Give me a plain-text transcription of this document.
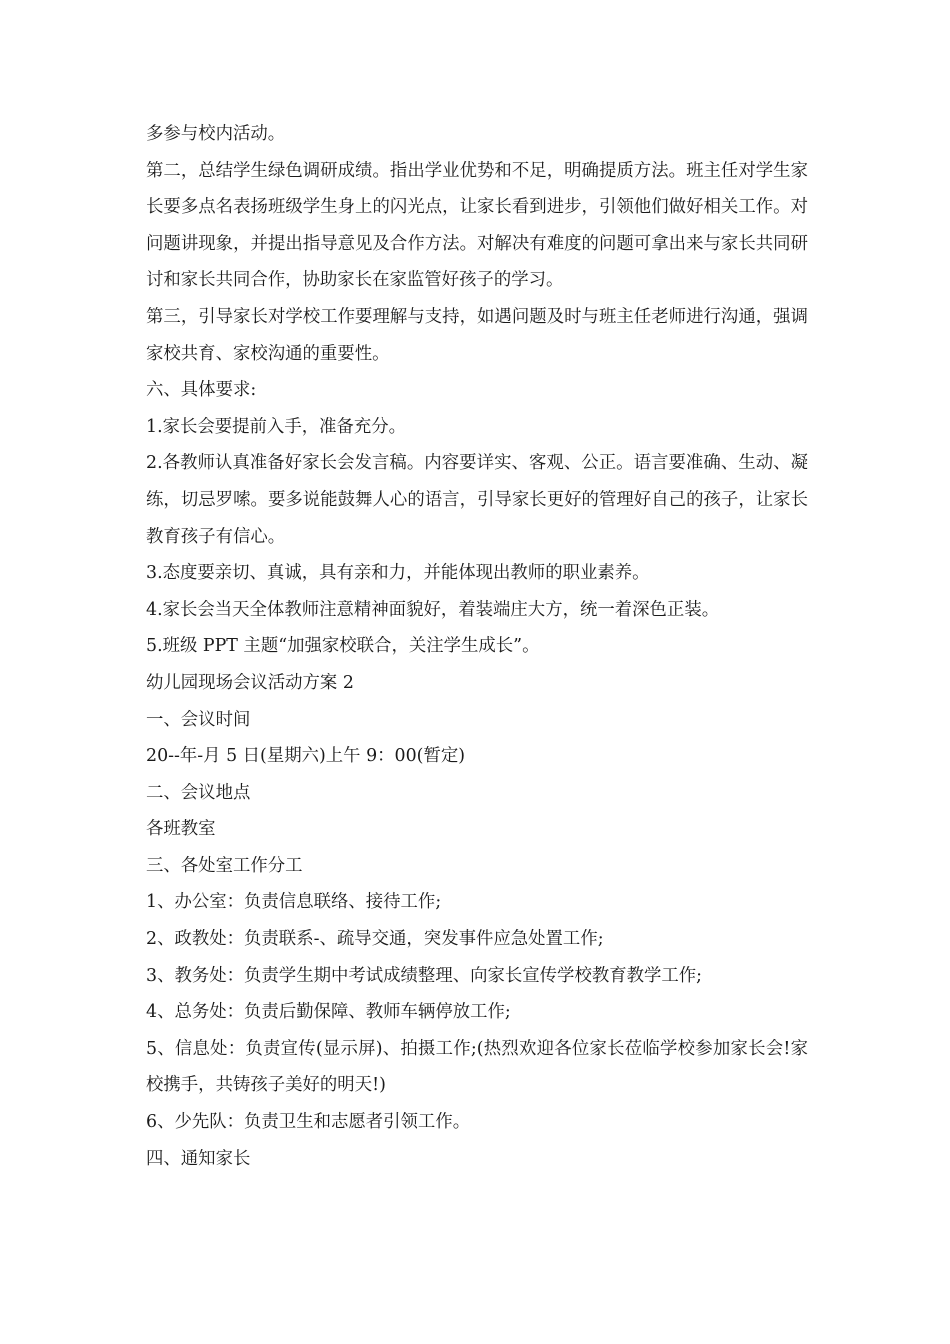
多参与校内活动。

第二，总结学生绿色调研成绩。指出学业优势和不足，明确提质方法。班主任对学生家长要多点名表扬班级学生身上的闪光点，让家长看到进步，引领他们做好相关工作。对问题讲现象，并提出指导意见及合作方法。对解决有难度的问题可拿出来与家长共同研讨和家长共同合作，协助家长在家监管好孩子的学习。

第三，引导家长对学校工作要理解与支持，如遇问题及时与班主任老师进行沟通，强调家校共育、家校沟通的重要性。

六、具体要求:

1.家长会要提前入手，准备充分。

2.各教师认真准备好家长会发言稿。内容要详实、客观、公正。语言要准确、生动、凝练，切忌罗嗦。要多说能鼓舞人心的语言，引导家长更好的管理好自己的孩子，让家长教育孩子有信心。

3.态度要亲切、真诚，具有亲和力，并能体现出教师的职业素养。

4.家长会当天全体教师注意精神面貌好，着装端庄大方，统一着深色正装。

5.班级 PPT 主题“加强家校联合，关注学生成长”。

幼儿园现场会议活动方案 2

一、会议时间

20--年-月 5 日(星期六)上午 9：00(暂定)

二、会议地点

各班教室

三、各处室工作分工

1、办公室：负责信息联络、接待工作;

2、政教处：负责联系-、疏导交通，突发事件应急处置工作;

3、教务处：负责学生期中考试成绩整理、向家长宣传学校教育教学工作;

4、总务处：负责后勤保障、教师车辆停放工作;

5、信息处：负责宣传(显示屏)、拍摄工作;(热烈欢迎各位家长莅临学校参加家长会!家校携手，共铸孩子美好的明天!)

6、少先队：负责卫生和志愿者引领工作。

四、通知家长
